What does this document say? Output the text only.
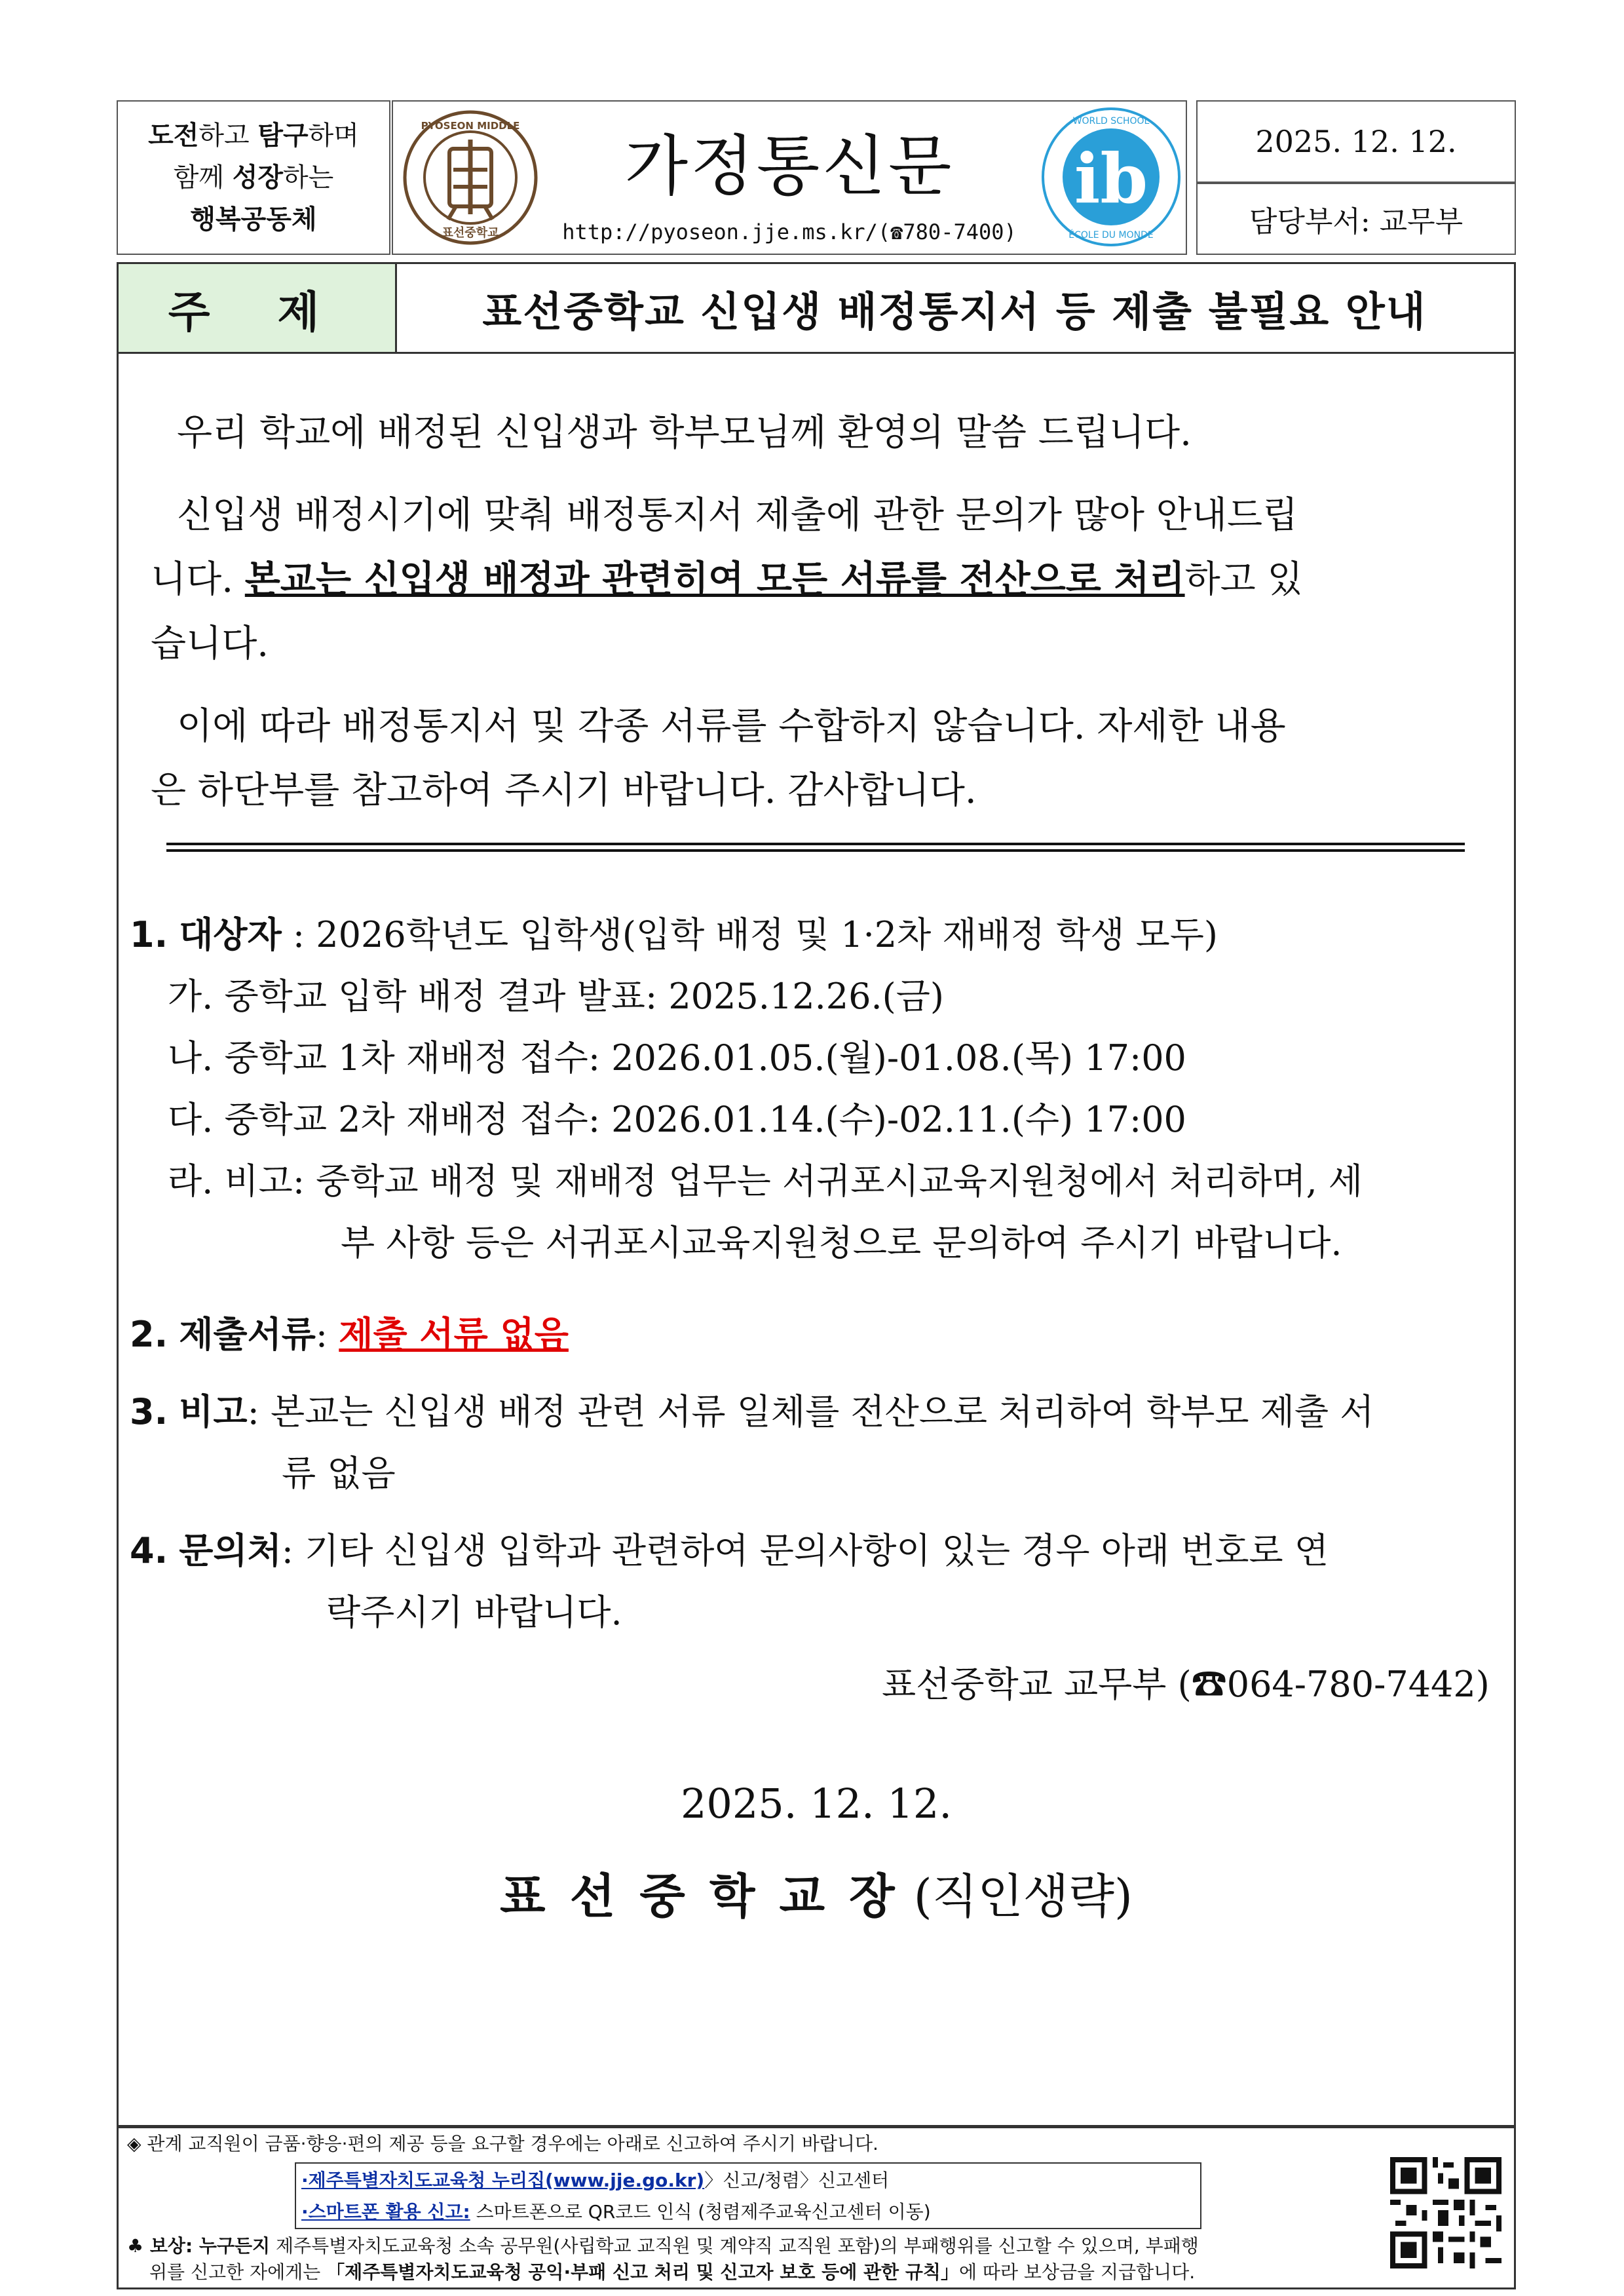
도전하고 탐구하며
함께 성장하는
행복공동체
PYOSEON MIDDLE
표선중학교
가정통신문
http://pyoseon.jje.ms.kr/(☎780-7400)
WORLD SCHOOL
ÉCOLE DU MONDE
ib	2025. 12. 12.
담당부서: 교무부
주 제	표선중학교 신입생 배정통지서 등 제출 불필요 안내

우리 학교에 배정된 신입생과 학부모님께 환영의 말씀 드립니다.

신입생 배정시기에 맞춰 배정통지서 제출에 관한 문의가 많아 안내드립

니다. 본교는 신입생 배정과 관련히여 모든 서류를 전산으로 처리하고 있

습니다.

이에 따라 배정통지서 및 각종 서류를 수합하지 않습니다. 자세한 내용

은 하단부를 참고하여 주시기 바랍니다. 감사합니다.

1. 대상자 : 2026학년도 입학생(입학 배정 및 1·2차 재배정 학생 모두)
가. 중학교 입학 배정 결과 발표: 2025.12.26.(금)
나. 중학교 1차 재배정 접수: 2026.01.05.(월)-01.08.(목) 17:00
다. 중학교 2차 재배정 접수: 2026.01.14.(수)-02.11.(수) 17:00
라. 비고: 중학교 배정 및 재배정 업무는 서귀포시교육지원청에서 처리하며, 세
부 사항 등은 서귀포시교육지원청으로 문의하여 주시기 바랍니다.
2. 제출서류: 제출 서류 없음
3. 비고: 본교는 신입생 배정 관련 서류 일체를 전산으로 처리하여 학부모 제출 서
류 없음
4. 문의처: 기타 신입생 입학과 관련하여 문의사항이 있는 경우 아래 번호로 연
락주시기 바랍니다.
표선중학교 교무부 (☎064-780-7442)
2025. 12. 12.
표 선 중 학 교 장 (직인생략)
◈ 관계 교직원이 금품·향응·편의 제공 등을 요구할 경우에는 아래로 신고하여 주시기 바랍니다.
·제주특별자치도교육청 누리집(www.jje.go.kr)〉신고/청렴〉신고센터
·스마트폰 활용 신고: 스마트폰으로 QR코드 인식 (청렴제주교육신고센터 이동)
♣ 보상: 누구든지 제주특별자치도교육청 소속 공무원(사립학교 교직원 및 계약직 교직원 포함)의 부패행위를 신고할 수 있으며, 부패행
위를 신고한 자에게는 「제주특별자치도교육청 공익·부패 신고 처리 및 신고자 보호 등에 관한 규칙」에 따라 보상금을 지급합니다.
